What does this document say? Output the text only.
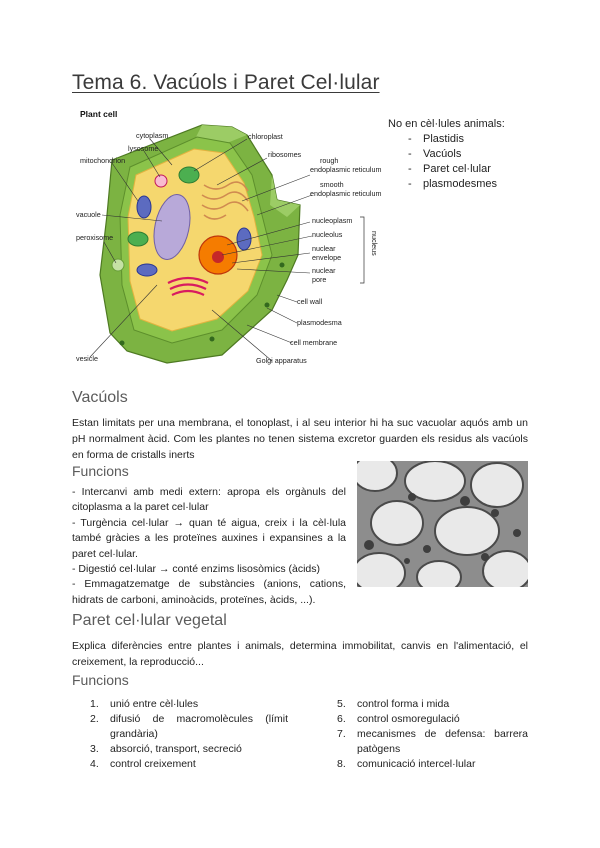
Tema 6. Vacúols i Paret Cel·lular
Plant cell
cytoplasm
lysosome
mitochondrion
vacuole
peroxisome
vesicle
chloroplast
ribosomes
rough
endoplasmic reticulum
smooth
endoplasmic reticulum
nucleoplasm
nucleolus
nuclear
envelope
nuclear
pore
nucleus
cell wall
plasmodesma
cell membrane
Golgi apparatus
No en cèl·lules animals:
- Plastidis
- Vacúols
- Paret cel·lular
- plasmodesmes
Vacúols

Estan limitats per una membrana, el tonoplast, i al seu interior hi ha suc vacuolar aquós amb un pH normalment àcid. Com les plantes no tenen sistema excretor guarden els residus als vacúols en forma de cristalls inerts

Funcions
- Intercanvi amb medi extern: apropa els orgànuls del citoplasma a la paret cel·lular
- Turgència cel·lular → quan té aigua, creix i la cèl·lula també gràcies a les proteïnes auxines i expansines a la paret cel·lular.
- Digestió cel·lular → conté enzims lisosòmics (àcids)
- Emmagatzematge de substàncies (anions, cations, hidrats de carboni, aminoàcids, proteïnes, àcids, ...).
Paret cel·lular vegetal

Explica diferències entre plantes i animals, determina immobilitat, canvis en l'alimentació, el creixement, la reproducció...

Funcions
1. unió entre cèl·lules
2. difusió de macromolècules (límit grandària)
3. absorció, transport, secreció
4. control creixement
5. control forma i mida
6. control osmoregulació
7. mecanismes de defensa: barrera patògens
8. comunicació intercel·lular
